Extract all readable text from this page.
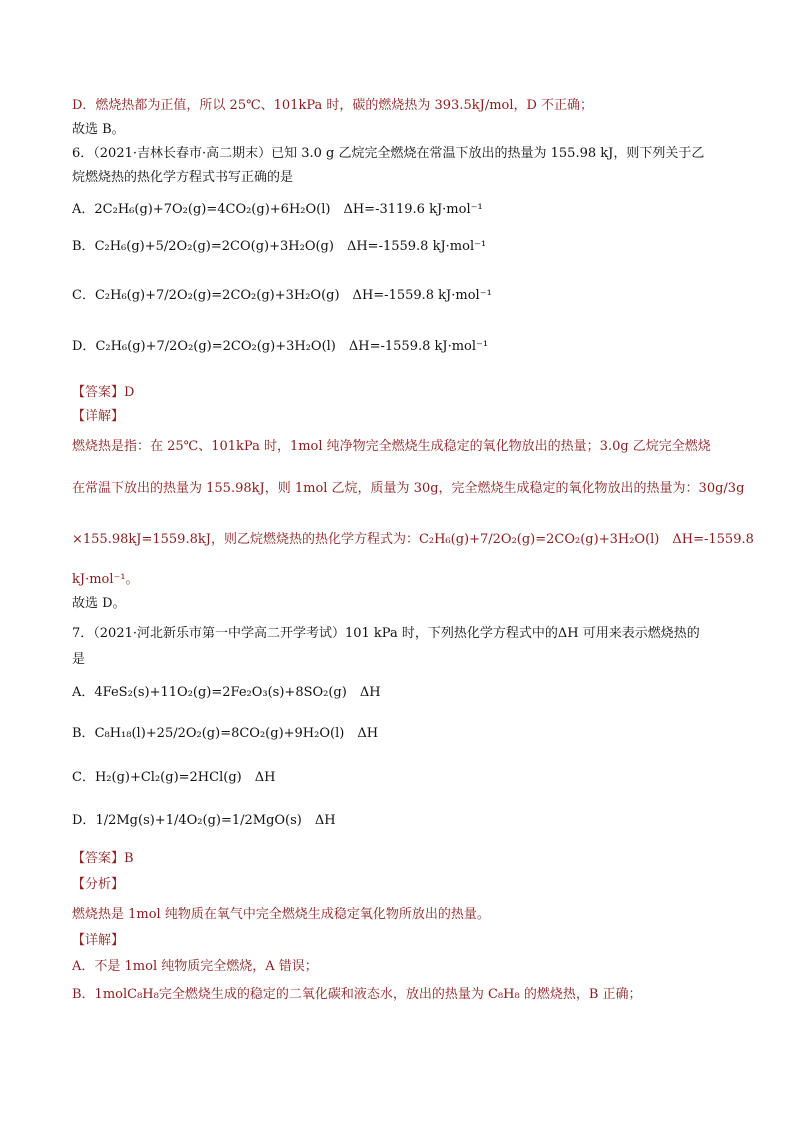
D．燃烧热都为正值，所以 25℃、101kPa 时，碳的燃烧热为 393.5kJ/mol，D 不正确；
故选 B。
6．（2021·吉林长春市·高二期末）已知 3.0 g 乙烷完全燃烧在常温下放出的热量为 155.98 kJ，则下列关于乙
烷燃烧热的热化学方程式书写正确的是
A．2C₂H₆(g)+7O₂(g)=4CO₂(g)+6H₂O(l)　ΔH=-3119.6 kJ·mol⁻¹
B．C₂H₆(g)+5/2O₂(g)=2CO(g)+3H₂O(g)　ΔH=-1559.8 kJ·mol⁻¹
C．C₂H₆(g)+7/2O₂(g)=2CO₂(g)+3H₂O(g)　ΔH=-1559.8 kJ·mol⁻¹
D．C₂H₆(g)+7/2O₂(g)=2CO₂(g)+3H₂O(l)　ΔH=-1559.8 kJ·mol⁻¹
【答案】D
【详解】
燃烧热是指：在 25℃、101kPa 时，1mol 纯净物完全燃烧生成稳定的氧化物放出的热量；3.0g 乙烷完全燃烧
在常温下放出的热量为 155.98kJ，则 1mol 乙烷，质量为 30g，完全燃烧生成稳定的氧化物放出的热量为：30g/3g
×155.98kJ=1559.8kJ，则乙烷燃烧热的热化学方程式为：C₂H₆(g)+7/2O₂(g)=2CO₂(g)+3H₂O(l)　ΔH=-1559.8
kJ·mol⁻¹。
故选 D。
7．（2021·河北新乐市第一中学高二开学考试）101 kPa 时，下列热化学方程式中的ΔH 可用来表示燃烧热的
是
A．4FeS₂(s)+11O₂(g)=2Fe₂O₃(s)+8SO₂(g)　ΔH
B．C₈H₁₈(l)+25/2O₂(g)=8CO₂(g)+9H₂O(l)　ΔH
C．H₂(g)+Cl₂(g)=2HCl(g)　ΔH
D．1/2Mg(s)+1/4O₂(g)=1/2MgO(s)　ΔH
【答案】B
【分析】
燃烧热是 1mol 纯物质在氧气中完全燃烧生成稳定氧化物所放出的热量。
【详解】
A．不是 1mol 纯物质完全燃烧，A 错误；
B．1molC₈H₈完全燃烧生成的稳定的二氧化碳和液态水，放出的热量为 C₈H₈ 的燃烧热，B 正确；
